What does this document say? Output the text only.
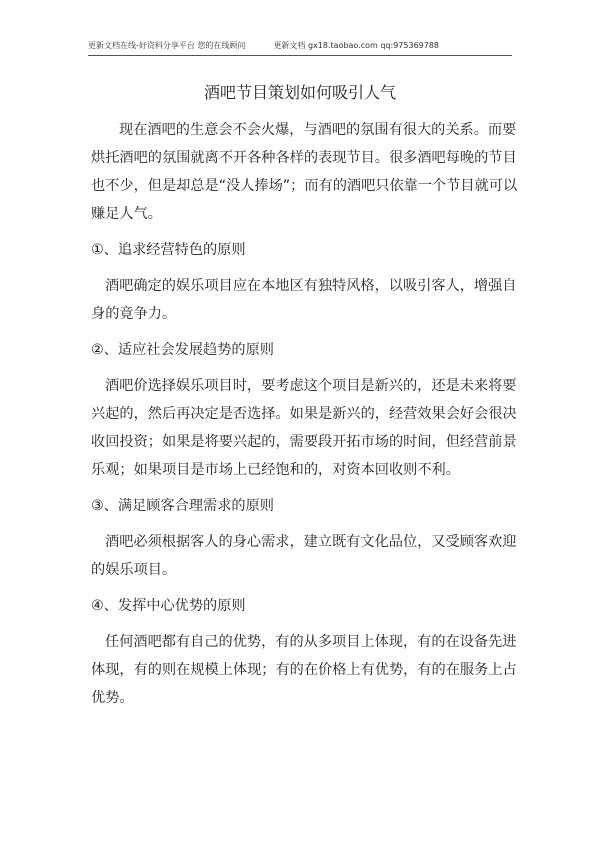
更新文档在线-好资料分享平台 您的在线顾问	更新文档 gx18.taobao.com qq:975369788
酒吧节目策划如何吸引人气

现在酒吧的生意会不会火爆，与酒吧的氛围有很大的关系。而要烘托酒吧的氛围就离不开各种各样的表现节目。很多酒吧每晚的节目也不少，但是却总是“没人捧场”；而有的酒吧只依靠一个节目就可以赚足人气。

①、追求经营特色的原则

酒吧确定的娱乐项目应在本地区有独特风格，以吸引客人，增强自身的竟争力。

②、适应社会发展趋势的原则

酒吧价选择娱乐项目时，要考虑这个项目是新兴的，还是未来将要兴起的，然后再决定是否选择。如果是新兴的，经营效果会好会很决收回投资；如果是将要兴起的，需要段开拓市场的时间，但经营前景乐观；如果项目是市场上已经饱和的，对资本回收则不利。

③、满足顾客合理需求的原则

酒吧必须根据客人的身心需求，建立既有文化品位，又受顾客欢迎的娱乐项目。

④、发挥中心优势的原则

任何酒吧都有自己的优势，有的从多项目上体现，有的在设备先进体现，有的则在规模上体现；有的在价格上有优势，有的在服务上占优势。
